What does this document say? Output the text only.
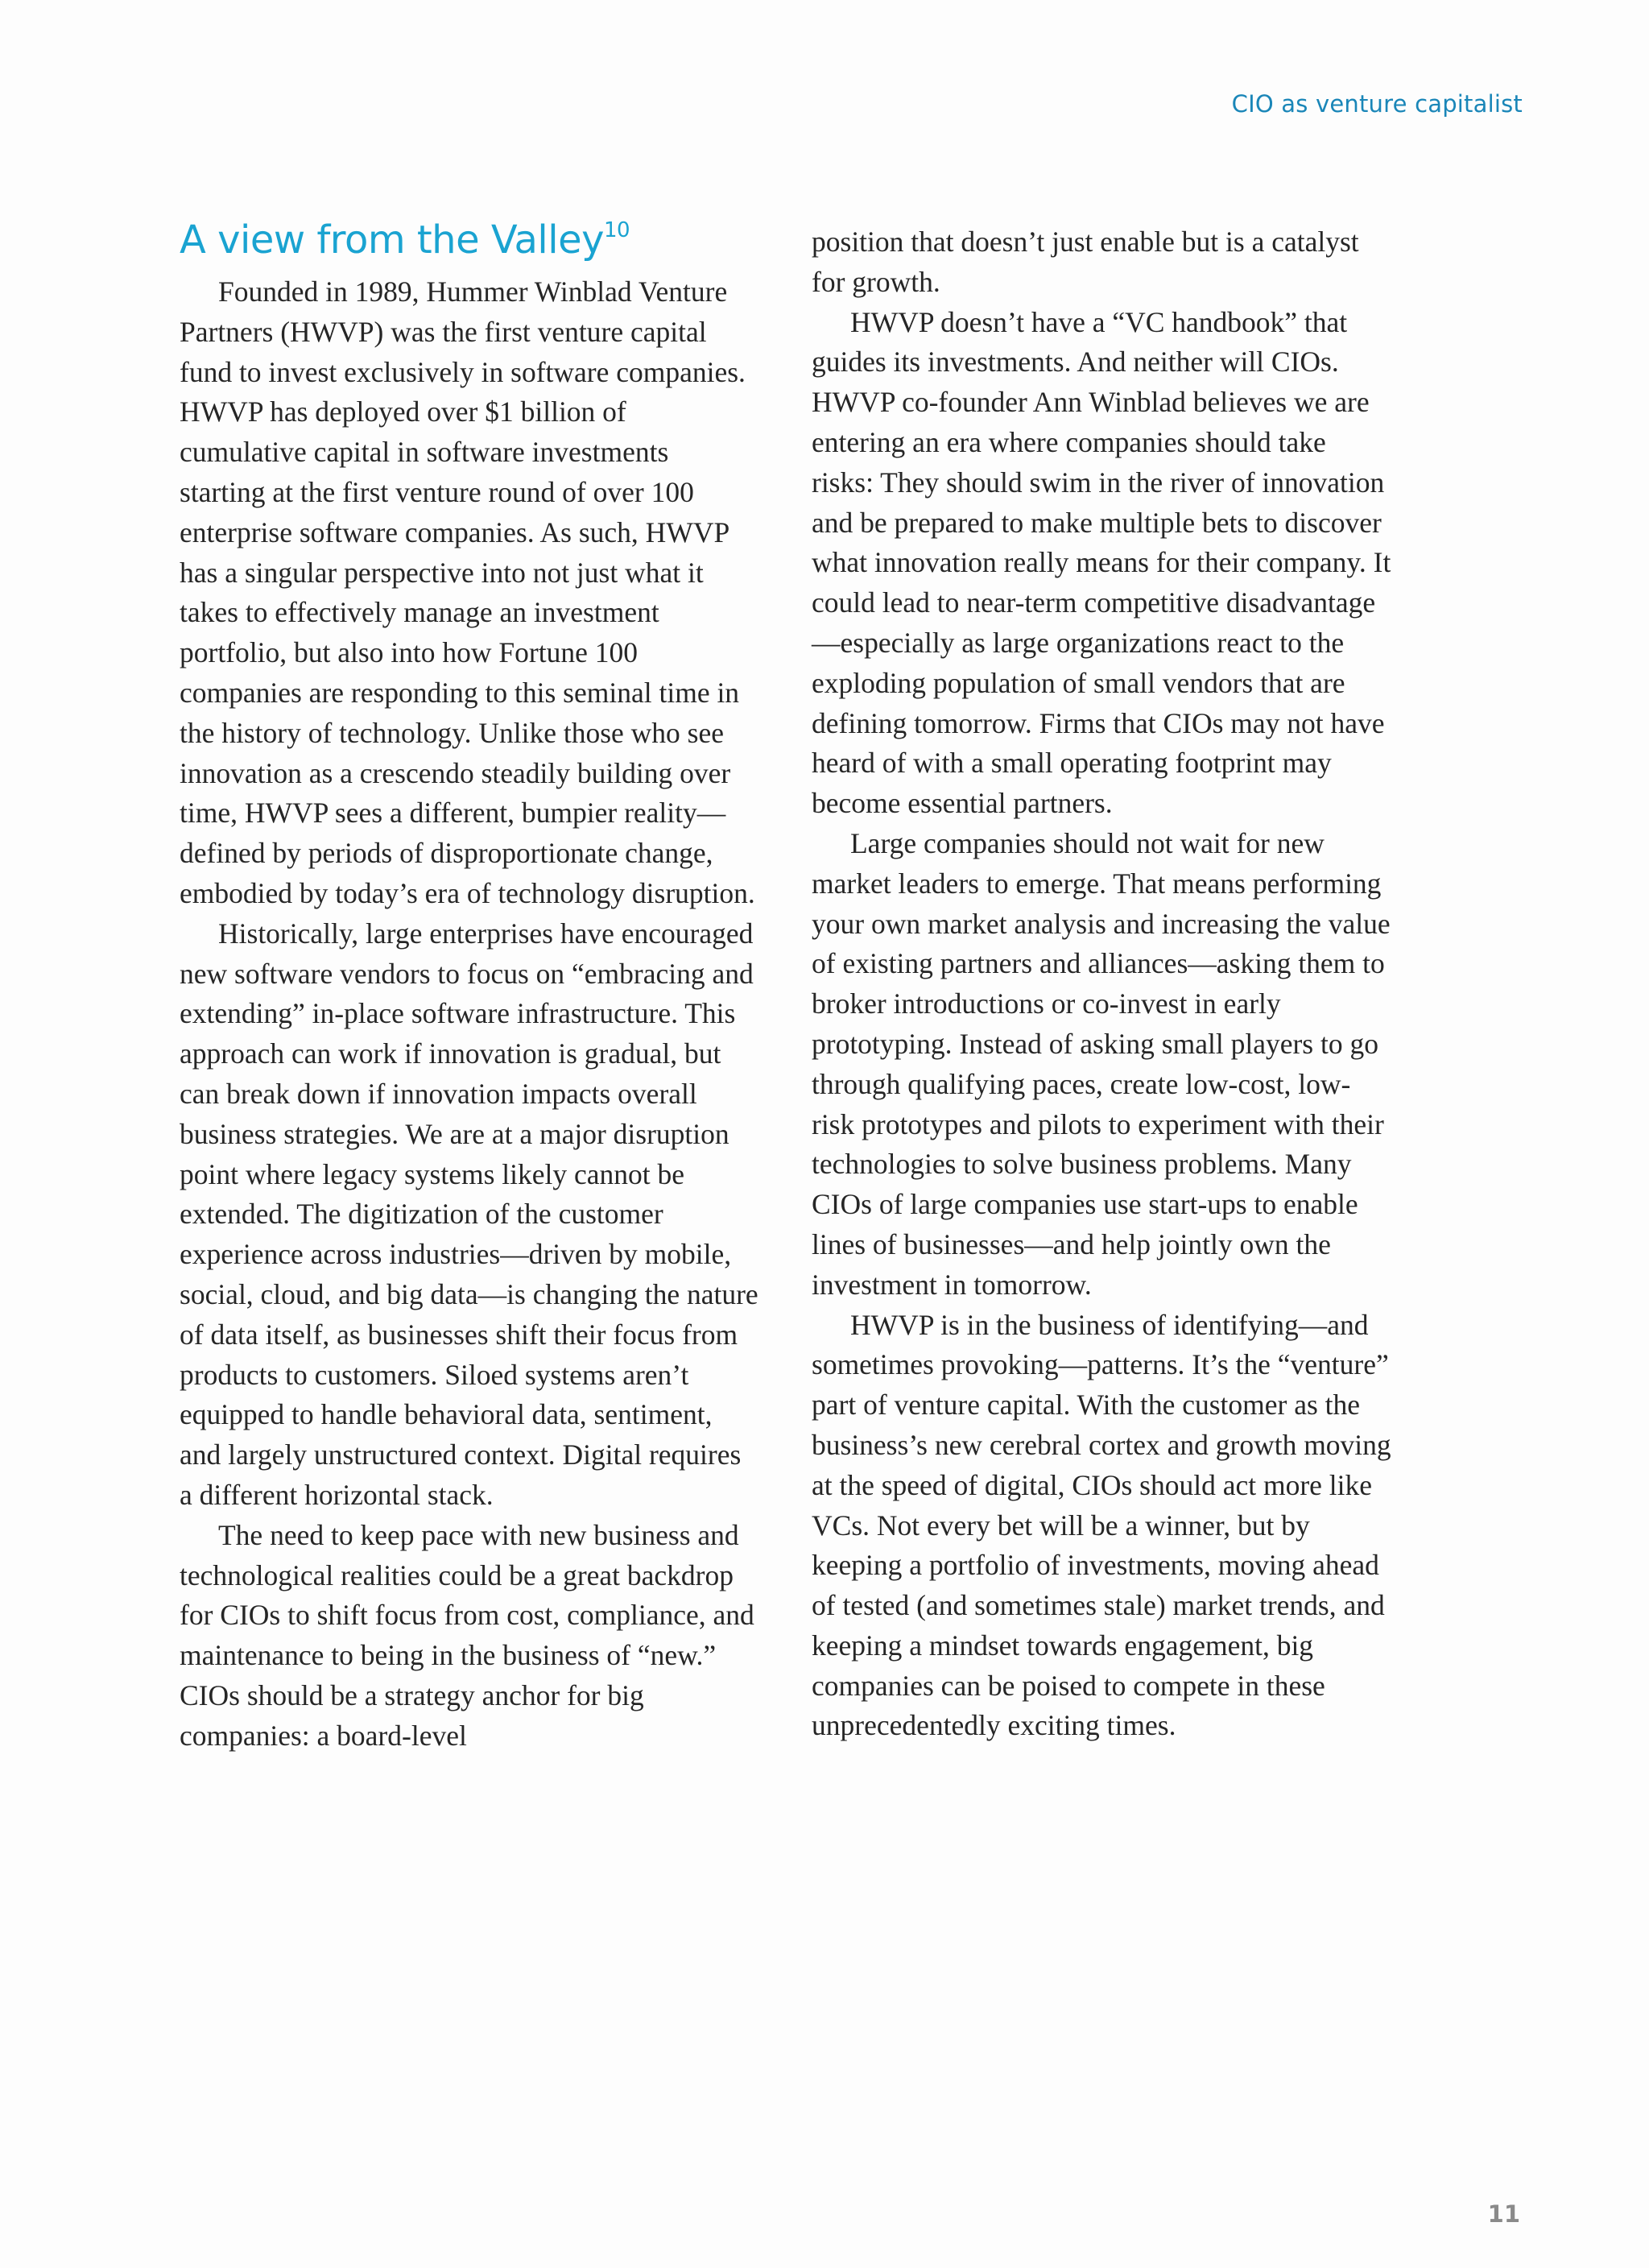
CIO as venture capitalist
A view from the Valley$^{10}$

Founded in 1989, Hummer Winblad Venture Partners (HWVP) was the first venture capital fund to invest exclusively in software companies. HWVP has deployed over $1 billion of cumulative capital in software investments starting at the first venture round of over 100 enterprise software companies. As such, HWVP has a singular perspective into not just what it takes to effectively manage an investment portfolio, but also into how Fortune 100 companies are responding to this seminal time in the history of technology. Unlike those who see innovation as a crescendo steadily building over time, HWVP sees a different, bumpier reality—defined by periods of disproportionate change, embodied by today’s era of technology disruption.

Historically, large enterprises have encouraged new software vendors to focus on “embracing and extending” in-place software infrastructure. This approach can work if innovation is gradual, but can break down if innovation impacts overall business strategies. We are at a major disruption point where legacy systems likely cannot be extended. The digitization of the customer experience across industries—driven by mobile, social, cloud, and big data—is changing the nature of data itself, as businesses shift their focus from products to customers. Siloed systems aren’t equipped to handle behavioral data, sentiment, and largely unstructured context. Digital requires a different horizontal stack.

The need to keep pace with new business and technological realities could be a great backdrop for CIOs to shift focus from cost, compliance, and maintenance to being in the business of “new.” CIOs should be a strategy anchor for big companies: a board-level

position that doesn’t just enable but is a catalyst for growth.

HWVP doesn’t have a “VC handbook” that guides its investments. And neither will CIOs. HWVP co-founder Ann Winblad believes we are entering an era where companies should take risks: They should swim in the river of innovation and be prepared to make multiple bets to discover what innovation really means for their company. It could lead to near-term competitive disadvantage—especially as large organizations react to the exploding population of small vendors that are defining tomorrow. Firms that CIOs may not have heard of with a small operating footprint may become essential partners.

Large companies should not wait for new market leaders to emerge. That means performing your own market analysis and increasing the value of existing partners and alliances—asking them to broker introductions or co-invest in early prototyping. Instead of asking small players to go through qualifying paces, create low-cost, low-risk prototypes and pilots to experiment with their technologies to solve business problems. Many CIOs of large companies use start-ups to enable lines of businesses—and help jointly own the investment in tomorrow.

HWVP is in the business of identifying—and sometimes provoking—patterns. It’s the “venture” part of venture capital. With the customer as the business’s new cerebral cortex and growth moving at the speed of digital, CIOs should act more like VCs. Not every bet will be a winner, but by keeping a portfolio of investments, moving ahead of tested (and sometimes stale) market trends, and keeping a mindset towards engagement, big companies can be poised to compete in these unprecedentedly exciting times.

11
